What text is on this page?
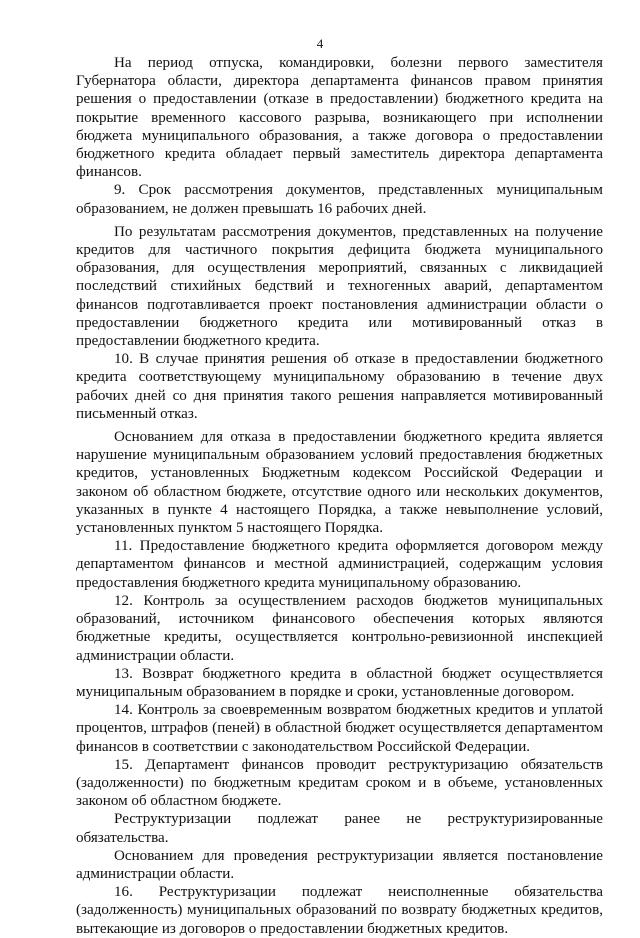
4

На период отпуска, командировки, болезни первого заместителя Губернатора области, директора департамента финансов правом принятия решения о предоставлении (отказе в предоставлении) бюджетного кредита на покрытие временного кассового разрыва, возникающего при исполнении бюджета муниципального образования, а также договора о предоставлении бюджетного кредита обладает первый заместитель директора департамента финансов.

9. Срок рассмотрения документов, представленных муниципальным образованием, не должен превышать 16 рабочих дней.

По результатам рассмотрения документов, представленных на получение кредитов для частичного покрытия дефицита бюджета муниципального образования, для осуществления мероприятий, связанных с ликвидацией последствий стихийных бедствий и техногенных аварий, департаментом финансов подготавливается проект постановления администрации области о предоставлении бюджетного кредита или мотивированный отказ в предоставлении бюджетного кредита.

10. В случае принятия решения об отказе в предоставлении бюджетного кредита соответствующему муниципальному образованию в течение двух рабочих дней со дня принятия такого решения направляется мотивированный письменный отказ.

Основанием для отказа в предоставлении бюджетного кредита является нарушение муниципальным образованием условий предоставления бюджетных кредитов, установленных Бюджетным кодексом Российской Федерации и законом об областном бюджете, отсутствие одного или нескольких документов, указанных в пункте 4 настоящего Порядка, а также невыполнение условий, установленных пунктом 5 настоящего Порядка.

11. Предоставление бюджетного кредита оформляется договором между департаментом финансов и местной администрацией, содержащим условия предоставления бюджетного кредита муниципальному образованию.

12. Контроль за осуществлением расходов бюджетов муниципальных образований, источником финансового обеспечения которых являются бюджетные кредиты, осуществляется контрольно-ревизионной инспекцией администрации области.

13. Возврат бюджетного кредита в областной бюджет осуществляется муниципальным образованием в порядке и сроки, установленные договором.

14. Контроль за своевременным возвратом бюджетных кредитов и уплатой процентов, штрафов (пеней) в областной бюджет осуществляется департаментом финансов в соответствии с законодательством Российской Федерации.

15. Департамент финансов проводит реструктуризацию обязательств (задолженности) по бюджетным кредитам сроком и в объеме, установленных законом об областном бюджете.

Реструктуризации подлежат ранее не реструктуризированные обязательства.

Основанием для проведения реструктуризации является постановление администрации области.

16. Реструктуризации подлежат неисполненные обязательства (задолженность) муниципальных образований по возврату бюджетных кредитов, вытекающие из договоров о предоставлении бюджетных кредитов.
